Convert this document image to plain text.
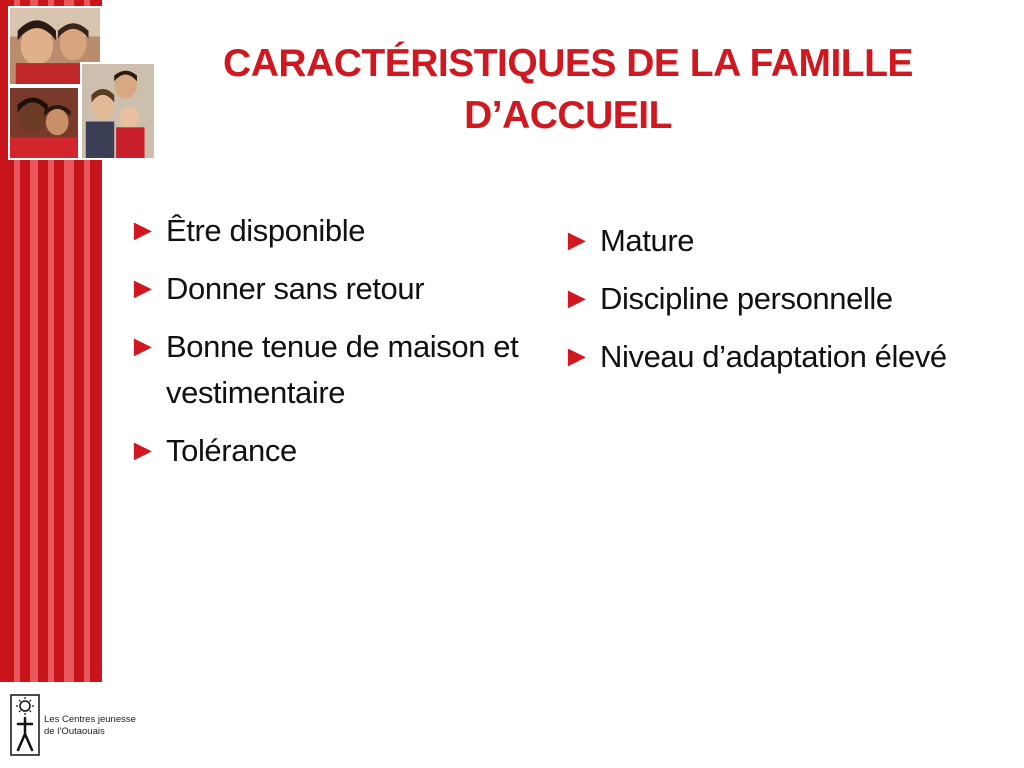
CARACTÉRISTIQUES DE LA FAMILLE
D’ACCUEIL
► Être disponible
► Donner sans retour
► Bonne tenue de maison et vestimentaire
► Tolérance
► Mature
► Discipline personnelle
► Niveau d’adaptation élevé
Les Centres jeunesse
de l’Outaouais
